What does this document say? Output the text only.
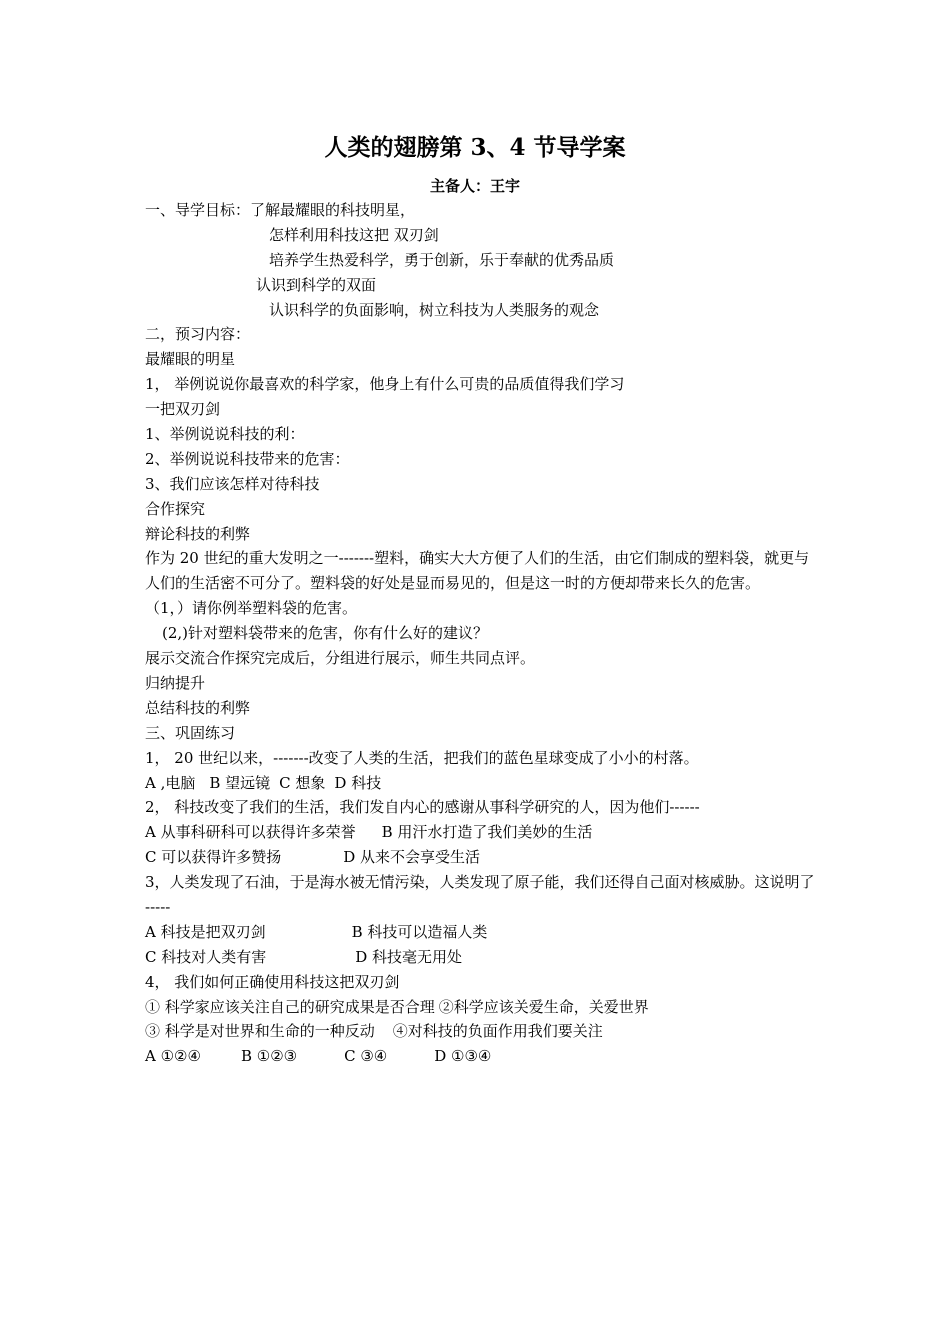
人类的翅膀第 3、4 节导学案
主备人：王宇
一、导学目标：了解最耀眼的科技明星，
怎样利用科技这把 双刃剑
培养学生热爱科学，勇于创新，乐于奉献的优秀品质
认识到科学的双面
认识科学的负面影响，树立科技为人类服务的观念
二，预习内容：
最耀眼的明星
1， 举例说说你最喜欢的科学家，他身上有什么可贵的品质值得我们学习
一把双刃剑
1、举例说说科技的利：
2、举例说说科技带来的危害：
3、我们应该怎样对待科技
合作探究
辩论科技的利弊
作为 20 世纪的重大发明之一-------塑料，确实大大方便了人们的生活，由它们制成的塑料袋，就更与人们的生活密不可分了。塑料袋的好处是显而易见的，但是这一时的方便却带来长久的危害。
（1，）请你例举塑料袋的危害。
(2,)针对塑料袋带来的危害，你有什么好的建议？
展示交流合作探究完成后，分组进行展示，师生共同点评。
归纳提升
总结科技的利弊
三、巩固练习
1， 20 世纪以来，-------改变了人类的生活，把我们的蓝色星球变成了小小的村落。
A ,电脑 B 望远镜 C 想象 D 科技
2， 科技改变了我们的生活，我们发自内心的感谢从事科学研究的人，因为他们------
A 从事科研科可以获得许多荣誉 B 用汗水打造了我们美妙的生活
C 可以获得许多赞扬	D 从来不会享受生活
3，人类发现了石油，于是海水被无情污染，人类发现了原子能，我们还得自己面对核威胁。这说明了 -----
A 科技是把双刃剑	B 科技可以造福人类
C 科技对人类有害	D 科技毫无用处
4， 我们如何正确使用科技这把双刃剑
① 科学家应该关注自己的研究成果是否合理 ②科学应该关爱生命，关爱世界
③ 科学是对世界和生命的一种反动 ④对科技的负面作用我们要关注
A ①②④	B ①②③	C ③④	D ①③④
